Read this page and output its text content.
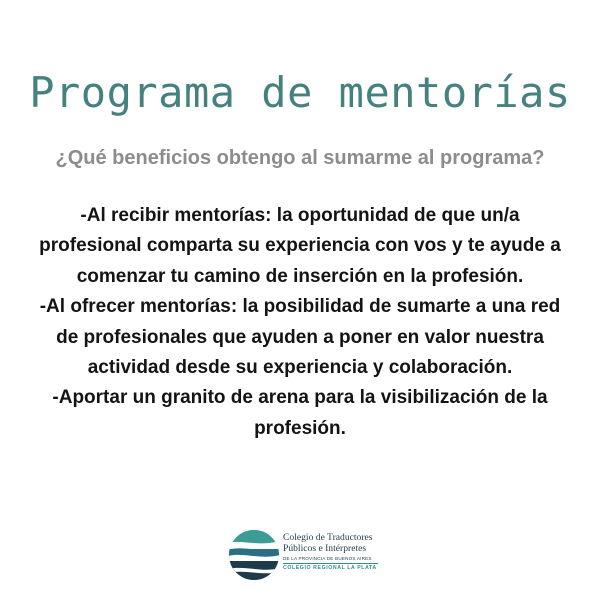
Programa de mentorías
¿Qué beneficios obtengo al sumarme al programa?

-Al recibir mentorías: la oportunidad de que un/a profesional comparta su experiencia con vos y te ayude a comenzar tu camino de inserción en la profesión.

-Al ofrecer mentorías: la posibilidad de sumarte a una red de profesionales que ayuden a poner en valor nuestra actividad desde su experiencia y colaboración.

-Aportar un granito de arena para la visibilización de la profesión.

Colegio de Traductores
Públicos e Intérpretes
DE LA PROVINCIA DE BUENOS AIRES
COLEGIO REGIONAL LA PLATA
